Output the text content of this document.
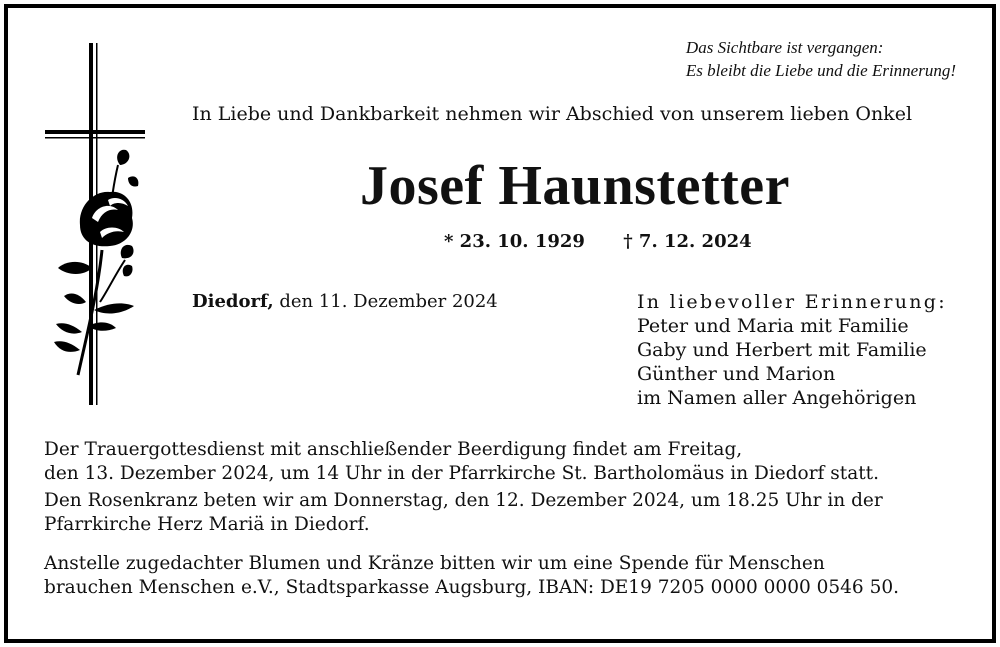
Das Sichtbare ist vergangen:
Es bleibt die Liebe und die Erinnerung!
In Liebe und Dankbarkeit nehmen wir Abschied von unserem lieben Onkel
Josef Haunstetter
* 23. 10. 1929 † 7. 12. 2024
Diedorf, den 11. Dezember 2024	In liebevoller Erinnerung:
Peter und Maria mit Familie
Gaby und Herbert mit Familie
Günther und Marion
im Namen aller Angehörigen
Der Trauergottesdienst mit anschließender Beerdigung findet am Freitag,
den 13. Dezember 2024, um 14 Uhr in der Pfarrkirche St. Bartholomäus in Diedorf statt.
Den Rosenkranz beten wir am Donnerstag, den 12. Dezember 2024, um 18.25 Uhr in der
Pfarrkirche Herz Mariä in Diedorf.
Anstelle zugedachter Blumen und Kränze bitten wir um eine Spende für Menschen
brauchen Menschen e.V., Stadtsparkasse Augsburg, IBAN: DE19 7205 0000 0000 0546 50.
